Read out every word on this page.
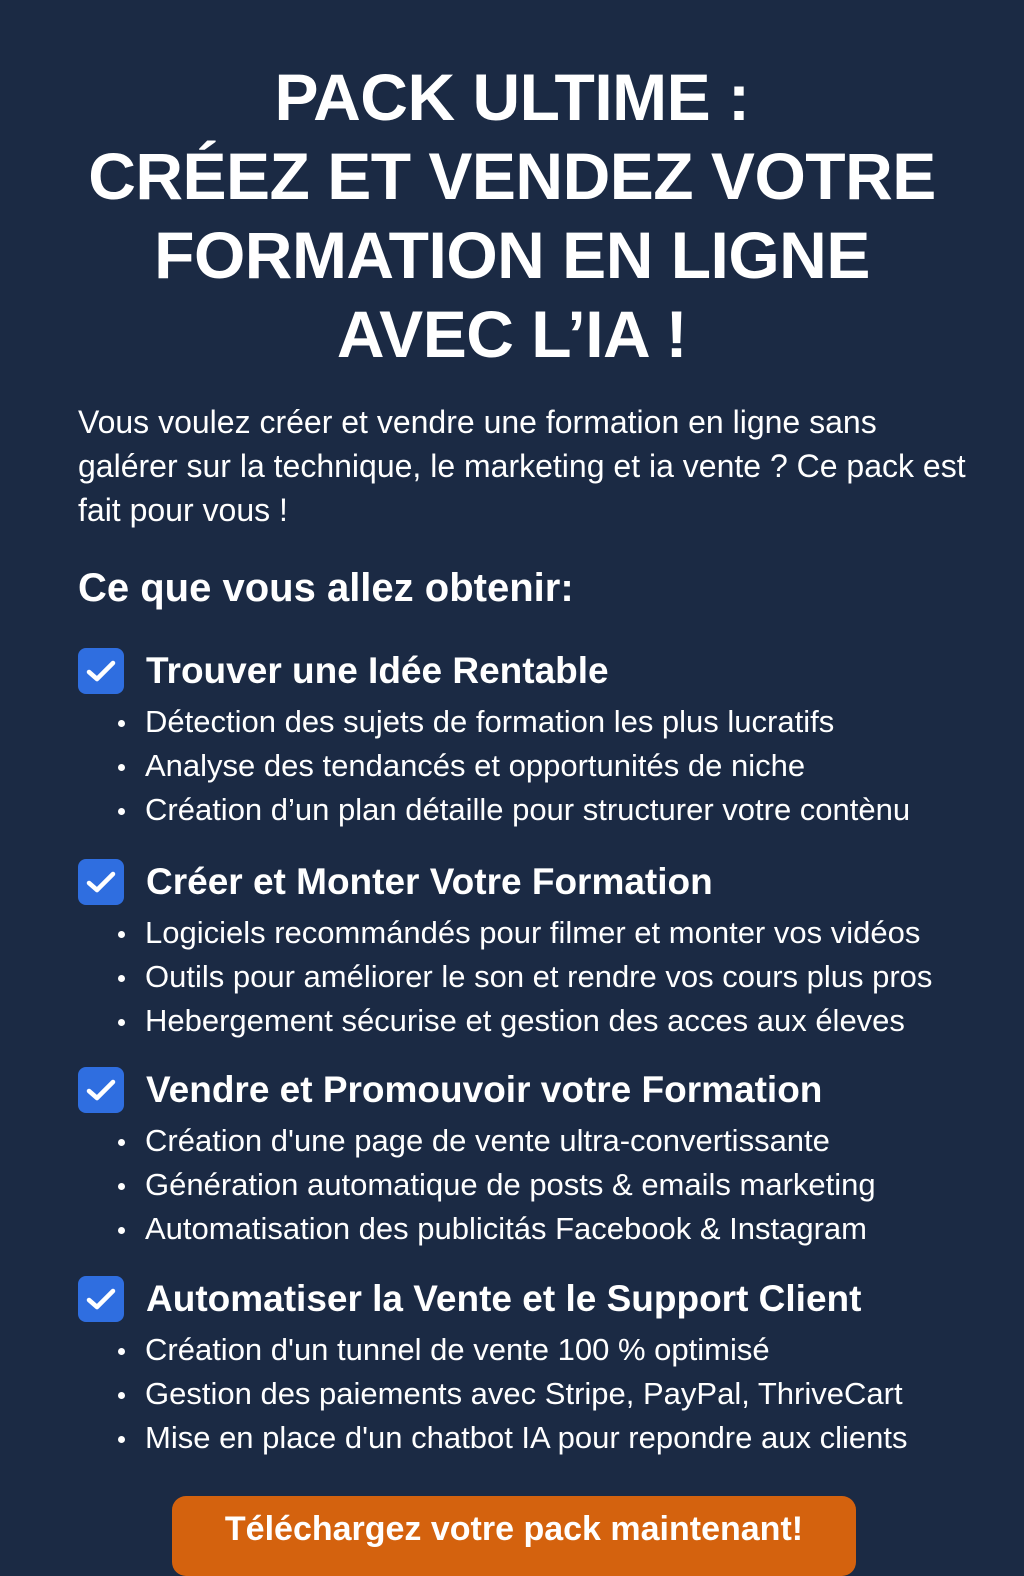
PACK ULTIME :
CRÉEZ ET VENDEZ VOTRE
FORMATION EN LIGNE
AVEC L’IA !

Vous voulez créer et vendre une formation en ligne sans galérer sur la technique, le marketing et ia vente ? Ce pack est fait pour vous !

Ce que vous allez obtenir:
Trouver une Idée Rentable
Détection des sujets de formation les plus lucratifs
Analyse des tendancés et opportunités de niche
Création d’un plan détaille pour structurer votre contènu
Créer et Monter Votre Formation
Logiciels recommándés pour filmer et monter vos vidéos
Outils pour améliorer le son et rendre vos cours plus pros
Hebergement sécurise et gestion des acces aux éleves
Vendre et Promouvoir votre Formation
Création d'une page de vente ultra-convertissante
Génération automatique de posts & emails marketing
Automatisation des publicitás Facebook & Instagram
Automatiser la Vente et le Support Client
Création d'un tunnel de vente 100 % optimisé
Gestion des paiements avec Stripe, PayPal, ThriveCart
Mise en place d'un chatbot IA pour repondre aux clients
Téléchargez votre pack maintenant!
